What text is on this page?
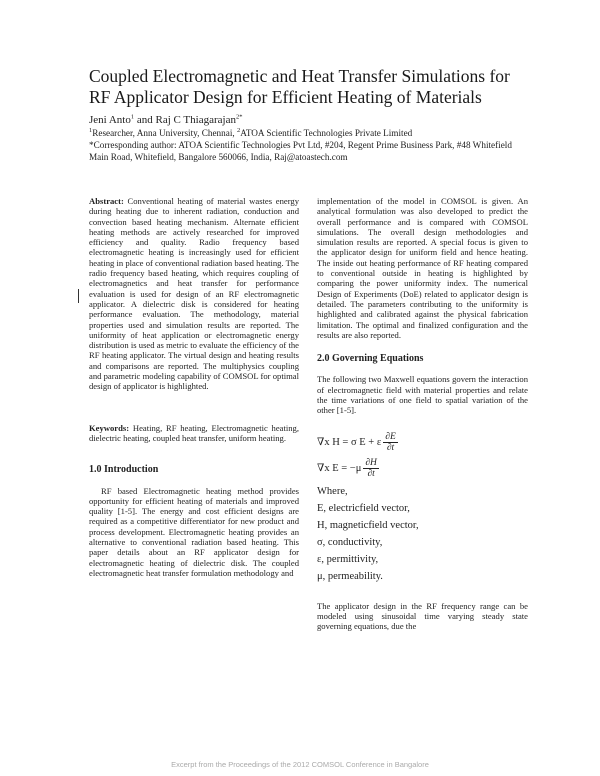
Coupled Electromagnetic and Heat Transfer Simulations for RF Applicator Design for Efficient Heating of Materials
Jeni Anto$^1$ and Raj C Thiagarajan$^{2*}$
$^1$Researcher, Anna University, Chennai, $^2$ATOA Scientific Technologies Private Limited
*Corresponding author: ATOA Scientific Technologies Pvt Ltd, #204, Regent Prime Business Park, #48 Whitefield Main Road, Whitefield, Bangalore 560066, India, Raj@atoastech.com

Abstract: Conventional heating of material wastes energy during heating due to inherent radiation, conduction and convection based heating mechanism. Alternate efficient heating methods are actively researched for improved efficiency and quality. Radio frequency based electromagnetic heating is increasingly used for efficient heating in place of conventional radiation based heating. The radio frequency based heating, which requires coupling of electromagnetics and heat transfer for performance evaluation is used for design of an RF electromagnetic applicator. A dielectric disk is considered for heating performance evaluation. The methodology, material properties used and simulation results are reported. The uniformity of heat application or electromagnetic energy distribution is used as metric to evaluate the efficiency of the RF heating applicator. The virtual design and heating results and comparisons are reported. The multiphysics coupling and parametric modeling capability of COMSOL for optimal design of applicator is highlighted.

Keywords: Heating, RF heating, Electromagnetic heating, dielectric heating, coupled heat transfer, uniform heating.

1.0 Introduction

RF based Electromagnetic heating method provides opportunity for efficient heating of materials and improved quality [1-5]. The energy and cost efficient designs are required as a competitive differentiator for new product and process development. Electromagnetic heating provides an alternative to conventional radiation based heating. This paper details about an RF applicator design for electromagnetic heating of dielectric disk. The coupled electromagnetic heat transfer formulation methodology and

implementation of the model in COMSOL is given. An analytical formulation was also developed to predict the overall performance and is compared with COMSOL simulations. The overall design methodologies and simulation results are reported. A special focus is given to the applicator design for uniform field and hence heating. The inside out heating performance of RF heating compared to conventional outside in heating is highlighted by comparing the power uniformity index. The numerical Design of Experiments (DoE) related to applicator design is detailed. The parameters contributing to the uniformity is highlighted and calibrated against the physical fabrication limitation. The optimal and finalized configuration and the results are also reported.

2.0 Governing Equations

The following two Maxwell equations govern the interaction of electromagnetic field with material properties and relate the time variations of one field to spatial variation of the other [1-5].

∇x H = σ E + ε $\frac{\partial E}{\partial t}$
∇x $E = -\mu \frac{\partial H}{\partial t}$
Where,
E, electricfield vector,
H, magneticfield vector,
σ, conductivity,
ε, permittivity,
μ, permeability.

The applicator design in the RF frequency range can be modeled using sinusoidal time varying steady state governing equations, due the

Excerpt from the Proceedings of the 2012 COMSOL Conference in Bangalore
